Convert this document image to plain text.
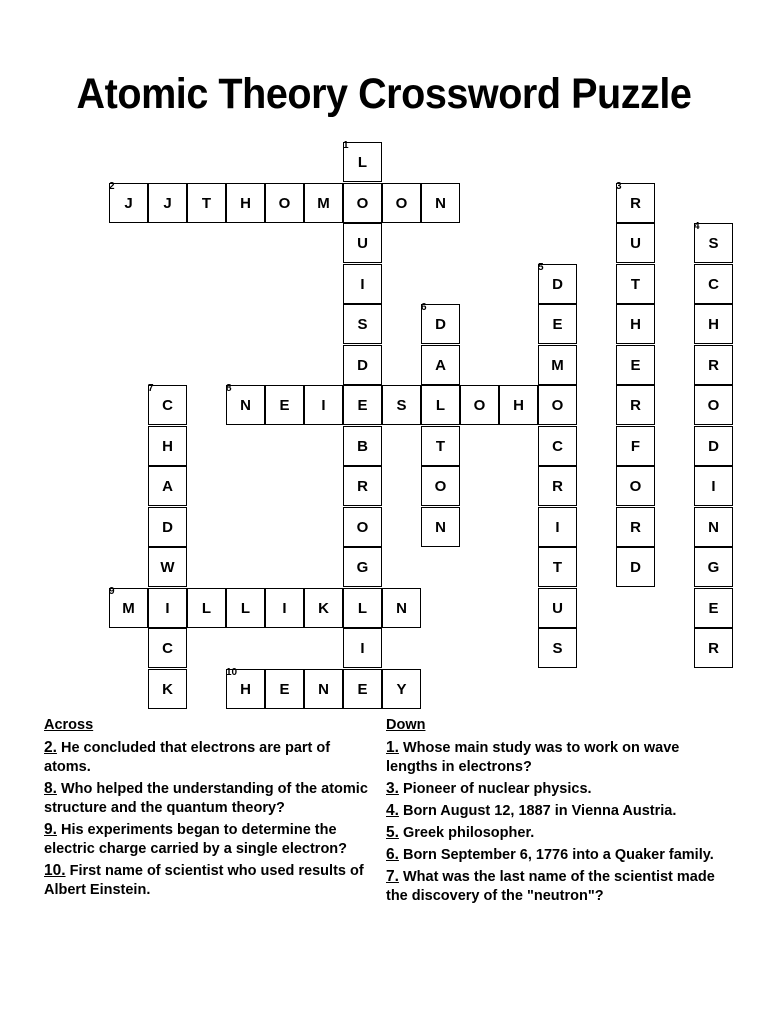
Atomic Theory Crossword Puzzle
1
L
O
U
I
S
D
E
B
R
O
G
L
I
E
2
J	J	T	H	O	M	O	N
3
R
U
T
H
E
R
F
O
R
D
4
S
C
H
R
O
D
I
N
G
E
R
5
D
E
M
O
C
R
I
T
U
S
6
D
A
L
T
O
N
7
C
H
A
D
W
I
C
K
8
N	E	I	S	O	H
9
M	L	L	I	K	N
10
H	E	N	Y
Across
2. He concluded that electrons are part of atoms.
8. Who helped the understanding of the atomic structure and the quantum theory?
9. His experiments began to determine the electric charge carried by a single electron?
10. First name of scientist who used results of Albert Einstein.
Down
1. Whose main study was to work on wave lengths in electrons?
3. Pioneer of nuclear physics.
4. Born August 12, 1887 in Vienna Austria.
5. Greek philosopher.
6. Born September 6, 1776 into a Quaker family.
7. What was the last name of the scientist made the discovery of the "neutron"?
